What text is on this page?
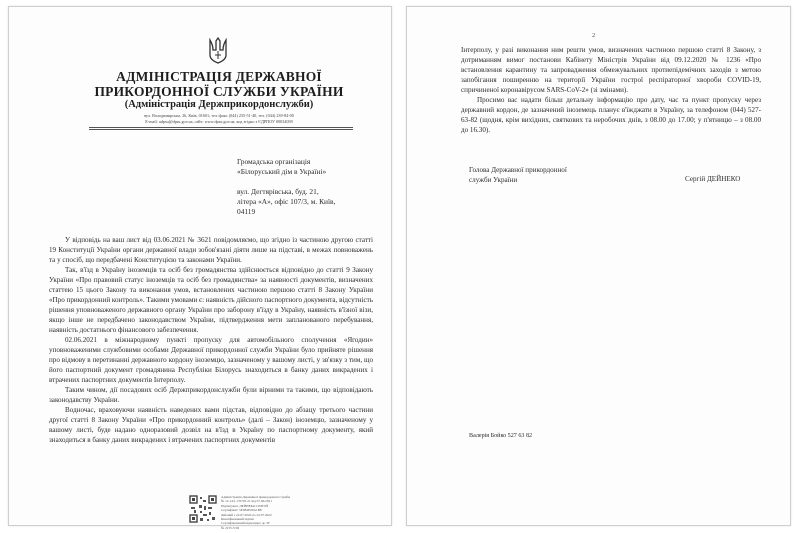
АДМІНІСТРАЦІЯ ДЕРЖАВНОЇ
ПРИКОРДОННОЇ СЛУЖБИ УКРАЇНИ
(Адміністрація Держприкордонслужби)
вул. Володимирська, 26, Київ, 01601; тел./факс (044) 235-51-40, тел. (044) 239-84-00
E-mail: adpsu@dpsu.gov.ua, сайт: www.dpsu.gov.ua, код згідно з ЄДРПОУ 00034039
Громадська організація
«Білоруський дім в Україні»
вул. Дегтярівська, буд. 21,
літера «А», офіс 107/3, м. Київ,
04119

У відповідь на ваш лист від 03.06.2021 № 3621 повідомляємо, що згідно із частиною другою статті 19 Конституції України органи державної влади зобов'язані діяти лише на підставі, в межах повноважень та у спосіб, що передбачені Конституцією та законами України.

Так, в'їзд в Україну іноземців та осіб без громадянства здійснюється відповідно до статті 9 Закону України «Про правовий статус іноземців та осіб без громадянства» за наявності документів, визначених статтею 15 цього Закону та виконання умов, встановлених частиною першою статті 8 Закону України «Про прикордонний контроль». Такими умовами є: наявність дійсного паспортного документа, відсутність рішення уповноваженого державного органу України про заборону в'їзду в Україну, наявність в'їзної візи, якщо інше не передбачено законодавством України, підтвердження мети запланованого перебування, наявність достатнього фінансового забезпечення.

02.06.2021 в міжнародному пункті пропуску для автомобільного сполучення «Ягодин» уповноваженими службовими особами Державної прикордонної служби України було прийняте рішення про відмову в перетинанні державного кордону іноземцю, зазначеному у вашому листі, у зв'язку з тим, що його паспортний документ громадянина Республіки Білорусь знаходиться в банку даних викрадених і втрачених паспортних документів Інтерполу.

Таким чином, дії посадових осіб Держприкордонслужби були вірними та такими, що відповідають законодавству України.

Водночас, враховуючи наявність наведених вами підстав, відповідно до абзацу третього частини другої статті 8 Закону України «Про прикордонний контроль» (далі – Закон) іноземцю, зазначеному у вашому листі, буде надано одноразовий дозвіл на в'їзд в Україну по паспортному документу, який знаходиться в банку даних викрадених і втрачених паспортних документів

Адміністрація Державної прикордонної служби
№ 12-14/1-7/6793-21 від 07.06.2021
Підписувач: ДЕЙНЕКО СЕРГІЙ
Сертифікат: 5E984E00A1B8
Дійсний з 22.07.2020 по 22.07.2022
Кваліфікований підпис
Сертифікований відповідно до ЗУ
№ 2155-VIII
2

Інтерполу, у разі виконання ним решти умов, визначених частиною першою статті 8 Закону, з дотриманням вимог постанови Кабінету Міністрів України від 09.12.2020 № 1236 «Про встановлення карантину та запровадження обмежувальних протиепідемічних заходів з метою запобігання поширенню на території України гострої респіраторної хвороби COVID-19, спричиненої коронавірусом SARS-CoV-2» (зі змінами).

Просимо вас надати більш детальну інформацію про дату, час та пункт пропуску через державний кордон, де зазначений іноземець планує в'їжджати в Україну, за телефоном (044) 527-63-82 (щодня, крім вихідних, святкових та неробочих днів, з 08.00 до 17.00; у п'ятницю – з 08.00 до 16.30).

Голова Державної прикордонної
служби України	Сергій ДЕЙНЕКО
Валерія Бойко 527 63 82
